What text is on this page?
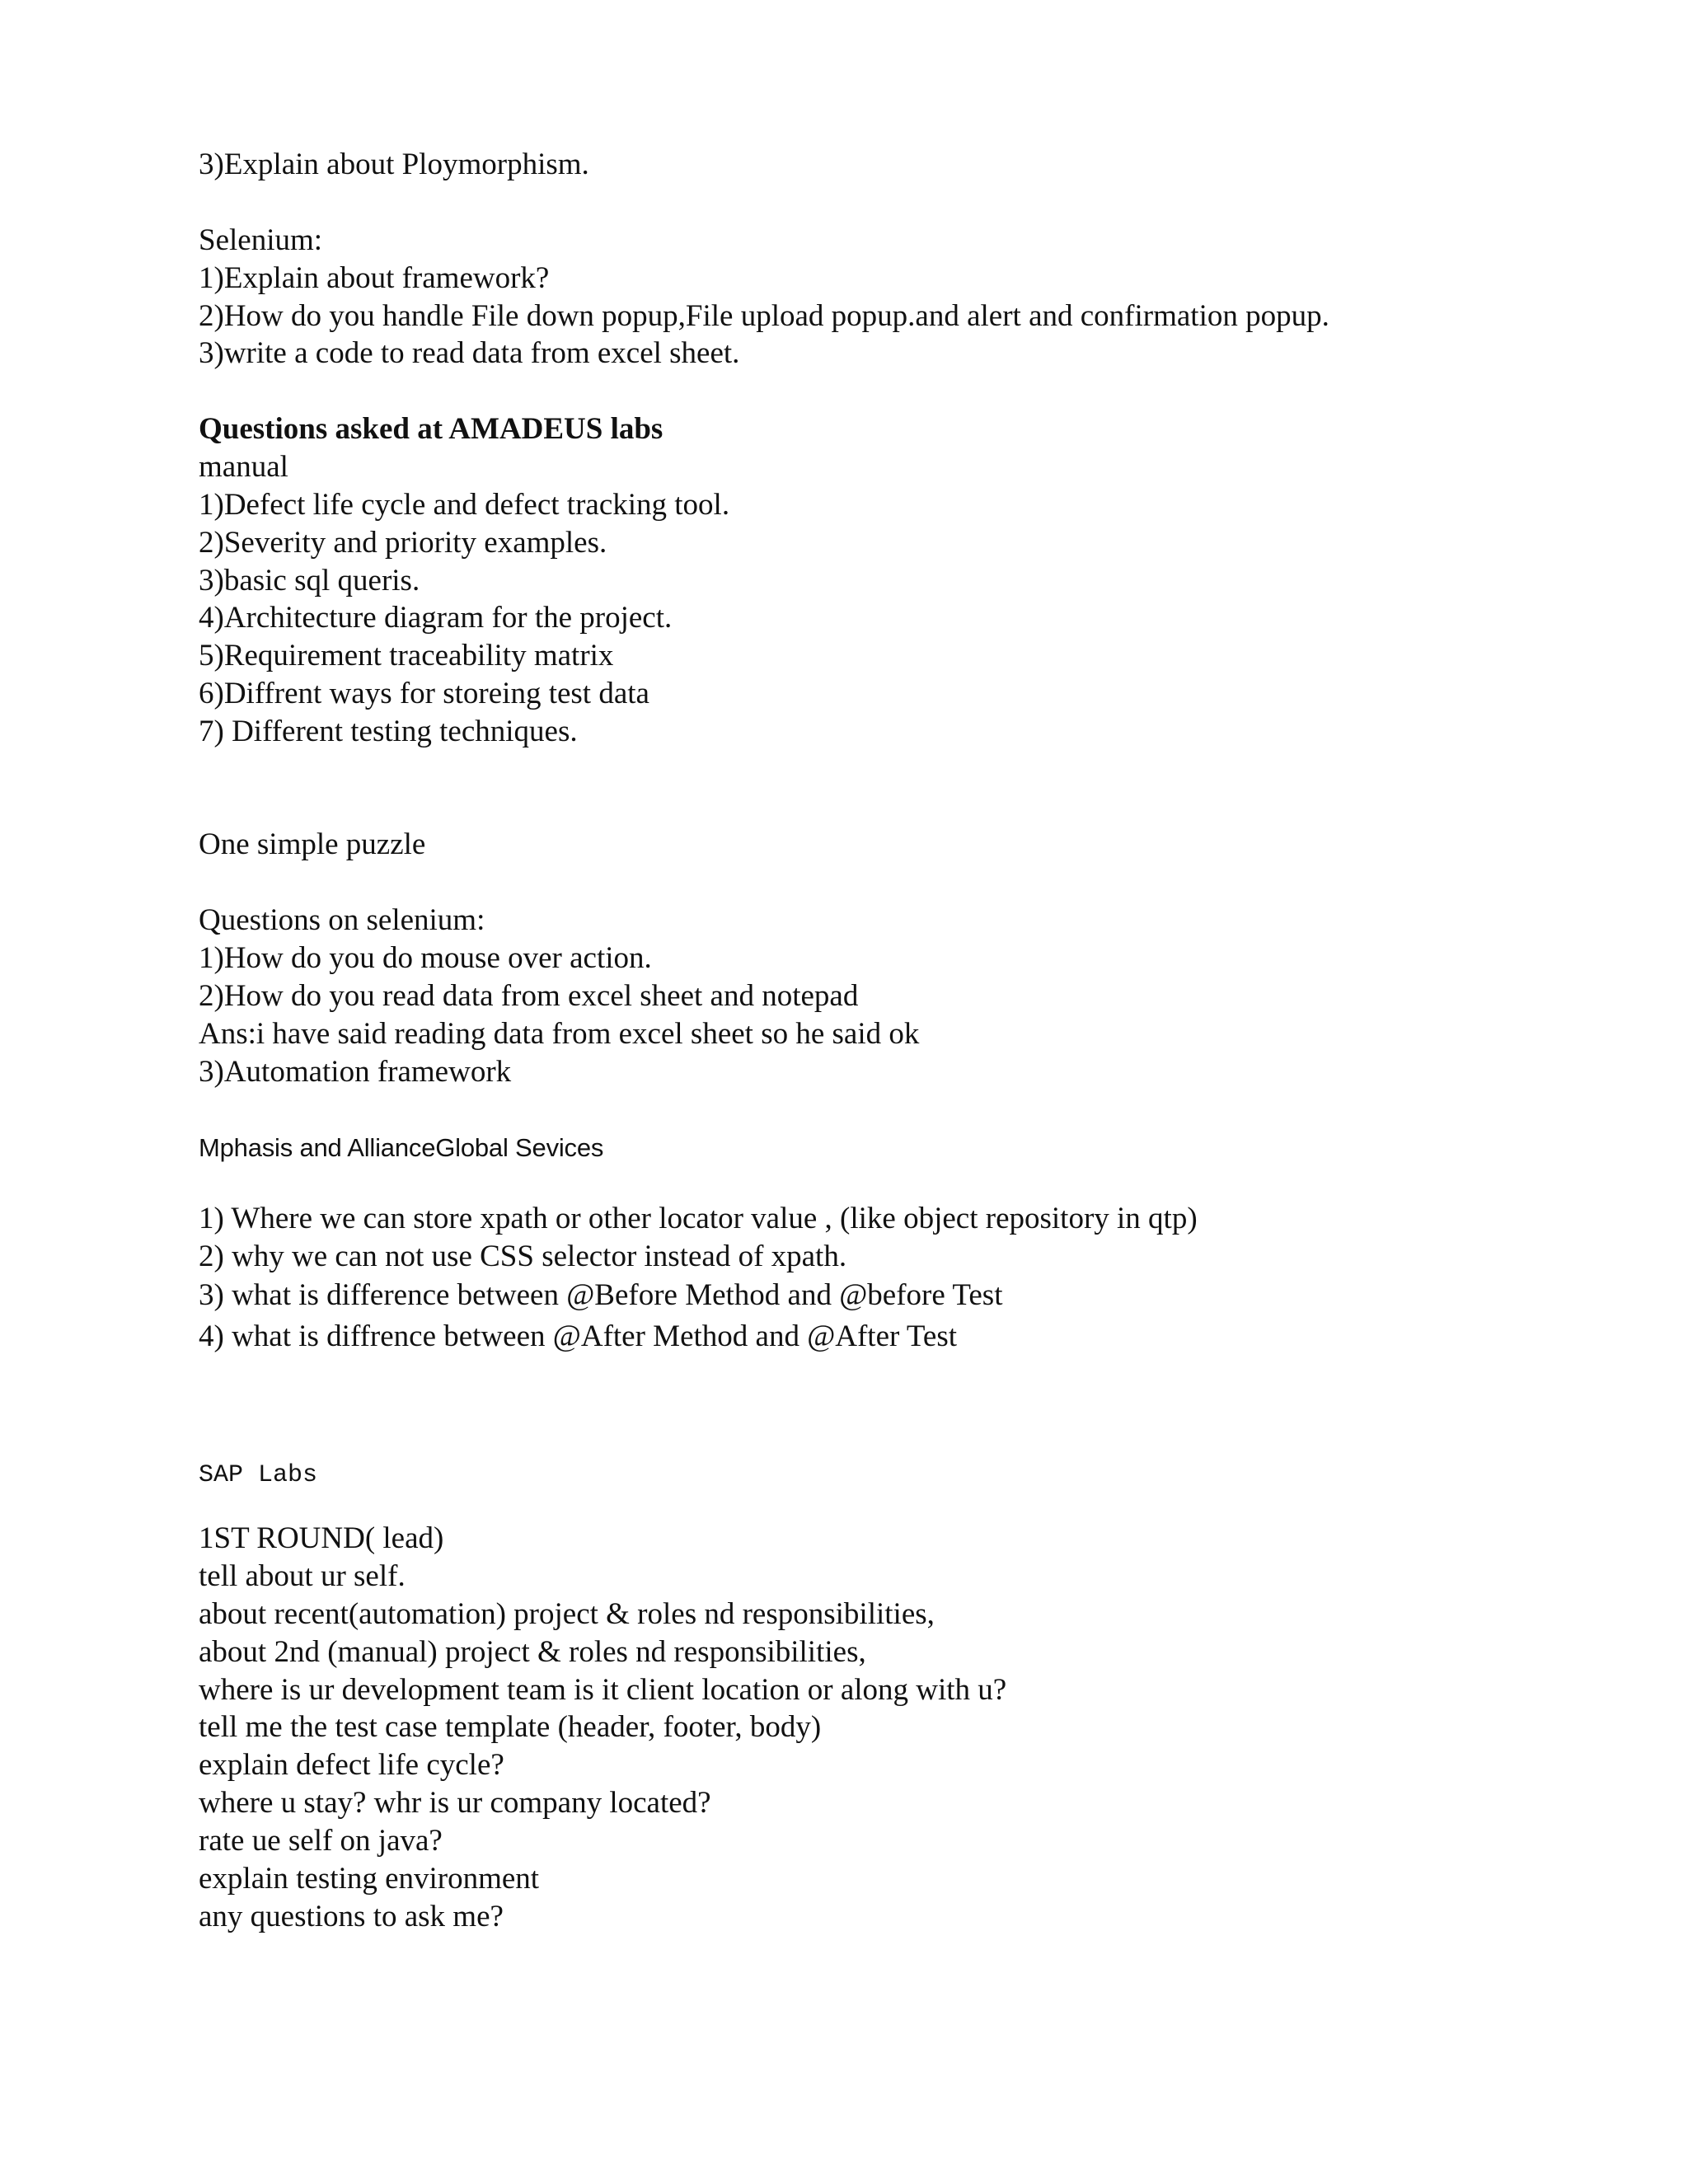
3)Explain about Ploymorphism.
Selenium:
1)Explain about framework?
2)How do you handle File down popup,File upload popup.and alert and confirmation popup.
3)write a code to read data from excel sheet.
Questions asked at AMADEUS labs
manual
1)Defect life cycle and defect tracking tool.
2)Severity and priority examples.
3)basic sql queris.
4)Architecture diagram for the project.
5)Requirement traceability matrix
6)Diffrent ways for storeing test data
7) Different testing techniques.
One simple puzzle
Questions on selenium:
1)How do you do mouse over action.
2)How do you read data from excel sheet and notepad
Ans:i have said reading data from excel sheet so he said ok
3)Automation framework
Mphasis and AllianceGlobal Sevices
1) Where we can store xpath or other locator value , (like object repository in qtp)
2) why we can not use CSS selector instead of xpath.
3) what is difference between @Before Method and @before Test
4) what is diffrence between @After Method and @After Test
SAP Labs
1ST ROUND( lead)
tell about ur self.
about recent(automation) project & roles nd responsibilities,
about 2nd (manual) project & roles nd responsibilities,
where is ur development team is it client location or along with u?
tell me the test case template (header, footer, body)
explain defect life cycle?
where u stay? whr is ur company located?
rate ue self on java?
explain testing environment
any questions to ask me?
